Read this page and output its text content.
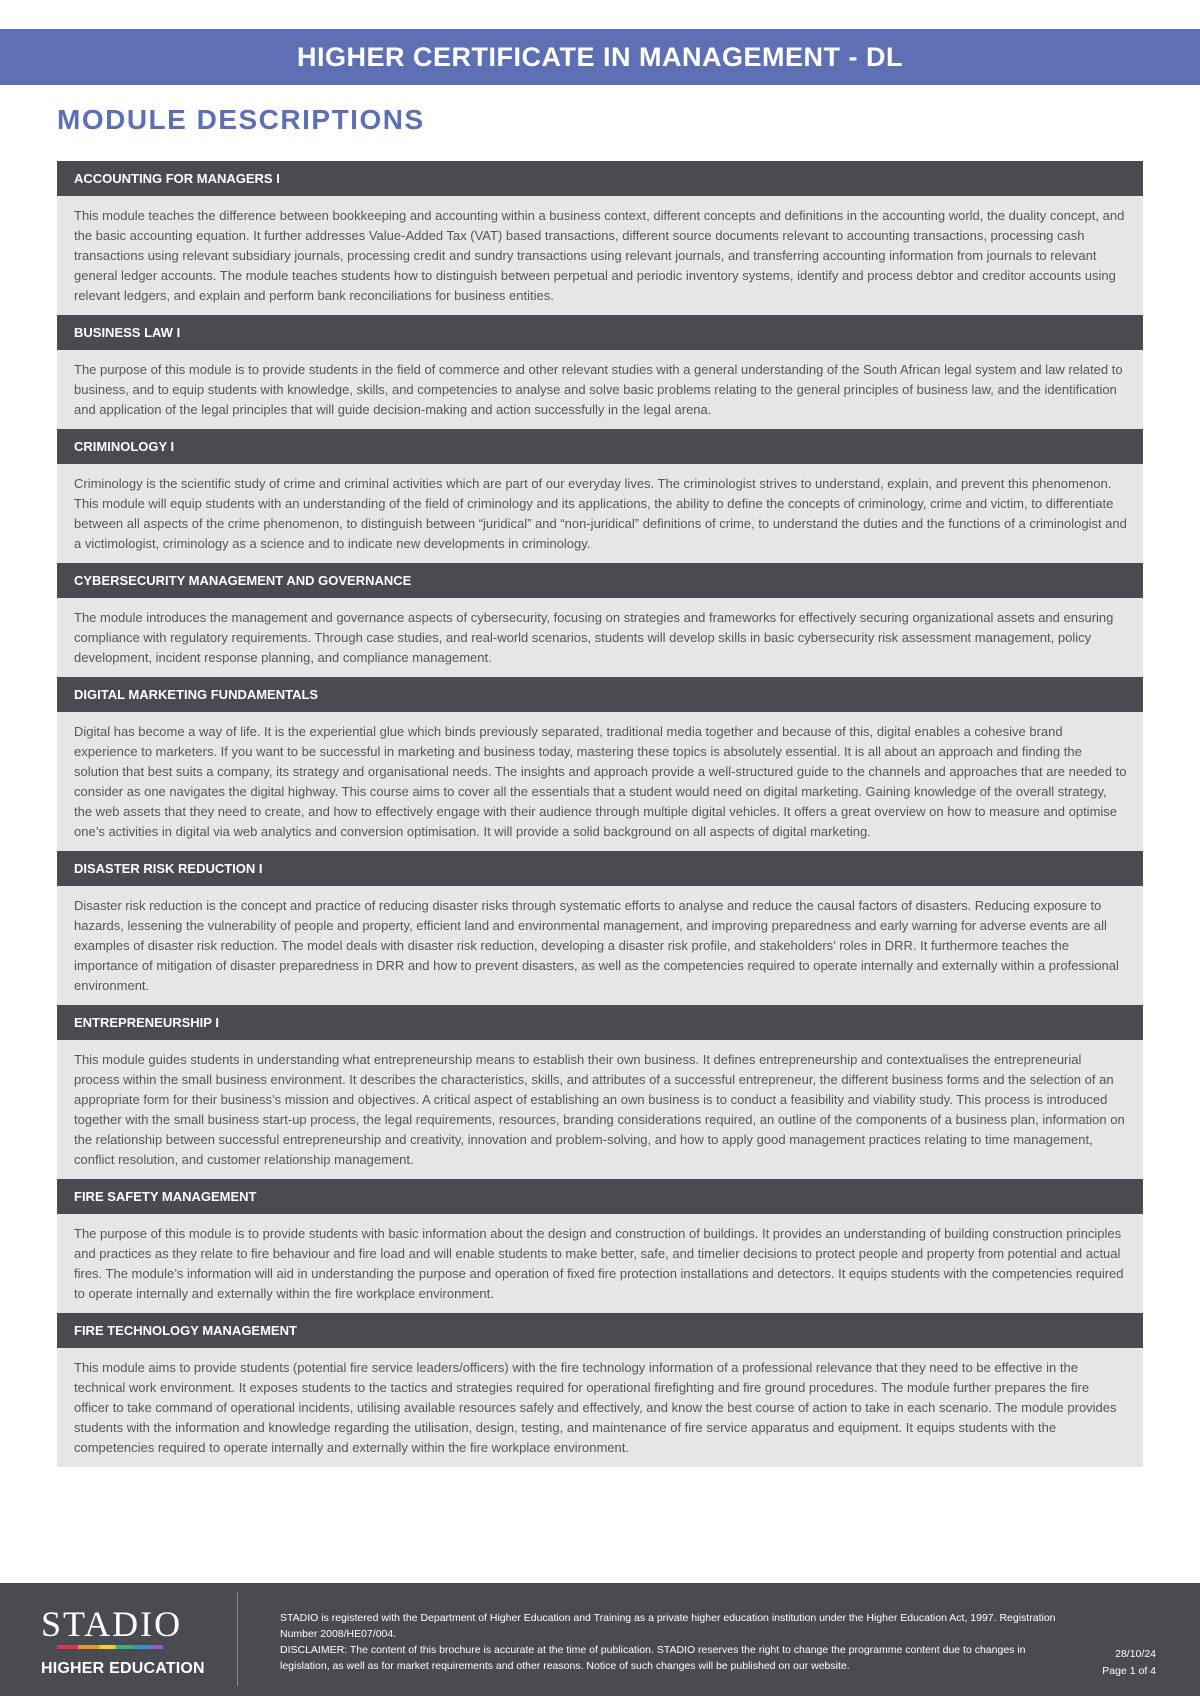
HIGHER CERTIFICATE IN MANAGEMENT - DL
MODULE DESCRIPTIONS
ACCOUNTING FOR MANAGERS I
This module teaches the difference between bookkeeping and accounting within a business context, different concepts and definitions in the accounting world, the duality concept, and the basic accounting equation. It further addresses Value-Added Tax (VAT) based transactions, different source documents relevant to accounting transactions, processing cash transactions using relevant subsidiary journals, processing credit and sundry transactions using relevant journals, and transferring accounting information from journals to relevant general ledger accounts. The module teaches students how to distinguish between perpetual and periodic inventory systems, identify and process debtor and creditor accounts using relevant ledgers, and explain and perform bank reconciliations for business entities.
BUSINESS LAW I
The purpose of this module is to provide students in the field of commerce and other relevant studies with a general understanding of the South African legal system and law related to business, and to equip students with knowledge, skills, and competencies to analyse and solve basic problems relating to the general principles of business law, and the identification and application of the legal principles that will guide decision-making and action successfully in the legal arena.
CRIMINOLOGY I
Criminology is the scientific study of crime and criminal activities which are part of our everyday lives. The criminologist strives to understand, explain, and prevent this phenomenon. This module will equip students with an understanding of the field of criminology and its applications, the ability to define the concepts of criminology, crime and victim, to differentiate between all aspects of the crime phenomenon, to distinguish between “juridical” and “non-juridical” definitions of crime, to understand the duties and the functions of a criminologist and a victimologist, criminology as a science and to indicate new developments in criminology.
CYBERSECURITY MANAGEMENT AND GOVERNANCE
The module introduces the management and governance aspects of cybersecurity, focusing on strategies and frameworks for effectively securing organizational assets and ensuring compliance with regulatory requirements. Through case studies, and real-world scenarios, students will develop skills in basic cybersecurity risk assessment management, policy development, incident response planning, and compliance management.
DIGITAL MARKETING FUNDAMENTALS
Digital has become a way of life. It is the experiential glue which binds previously separated, traditional media together and because of this, digital enables a cohesive brand experience to marketers. If you want to be successful in marketing and business today, mastering these topics is absolutely essential. It is all about an approach and finding the solution that best suits a company, its strategy and organisational needs. The insights and approach provide a well-structured guide to the channels and approaches that are needed to consider as one navigates the digital highway. This course aims to cover all the essentials that a student would need on digital marketing. Gaining knowledge of the overall strategy, the web assets that they need to create, and how to effectively engage with their audience through multiple digital vehicles. It offers a great overview on how to measure and optimise one’s activities in digital via web analytics and conversion optimisation. It will provide a solid background on all aspects of digital marketing.
DISASTER RISK REDUCTION I
Disaster risk reduction is the concept and practice of reducing disaster risks through systematic efforts to analyse and reduce the causal factors of disasters. Reducing exposure to hazards, lessening the vulnerability of people and property, efficient land and environmental management, and improving preparedness and early warning for adverse events are all examples of disaster risk reduction. The model deals with disaster risk reduction, developing a disaster risk profile, and stakeholders’ roles in DRR. It furthermore teaches the importance of mitigation of disaster preparedness in DRR and how to prevent disasters, as well as the competencies required to operate internally and externally within a professional environment.
ENTREPRENEURSHIP I
This module guides students in understanding what entrepreneurship means to establish their own business. It defines entrepreneurship and contextualises the entrepreneurial process within the small business environment. It describes the characteristics, skills, and attributes of a successful entrepreneur, the different business forms and the selection of an appropriate form for their business’s mission and objectives. A critical aspect of establishing an own business is to conduct a feasibility and viability study. This process is introduced together with the small business start-up process, the legal requirements, resources, branding considerations required, an outline of the components of a business plan, information on the relationship between successful entrepreneurship and creativity, innovation and problem-solving, and how to apply good management practices relating to time management, conflict resolution, and customer relationship management.
FIRE SAFETY MANAGEMENT
The purpose of this module is to provide students with basic information about the design and construction of buildings. It provides an understanding of building construction principles and practices as they relate to fire behaviour and fire load and will enable students to make better, safe, and timelier decisions to protect people and property from potential and actual fires. The module’s information will aid in understanding the purpose and operation of fixed fire protection installations and detectors. It equips students with the competencies required to operate internally and externally within the fire workplace environment.
FIRE TECHNOLOGY MANAGEMENT
This module aims to provide students (potential fire service leaders/officers) with the fire technology information of a professional relevance that they need to be effective in the technical work environment. It exposes students to the tactics and strategies required for operational firefighting and fire ground procedures. The module further prepares the fire officer to take command of operational incidents, utilising available resources safely and effectively, and know the best course of action to take in each scenario. The module provides students with the information and knowledge regarding the utilisation, design, testing, and maintenance of fire service apparatus and equipment. It equips students with the competencies required to operate internally and externally within the fire workplace environment.
STADIO
HIGHER EDUCATION
STADIO is registered with the Department of Higher Education and Training as a private higher education institution under the Higher Education Act, 1997. Registration Number 2008/HE07/004.
DISCLAIMER: The content of this brochure is accurate at the time of publication. STADIO reserves the right to change the programme content due to changes in legislation, as well as for market requirements and other reasons. Notice of such changes will be published on our website.
28/10/24
Page 1 of 4
